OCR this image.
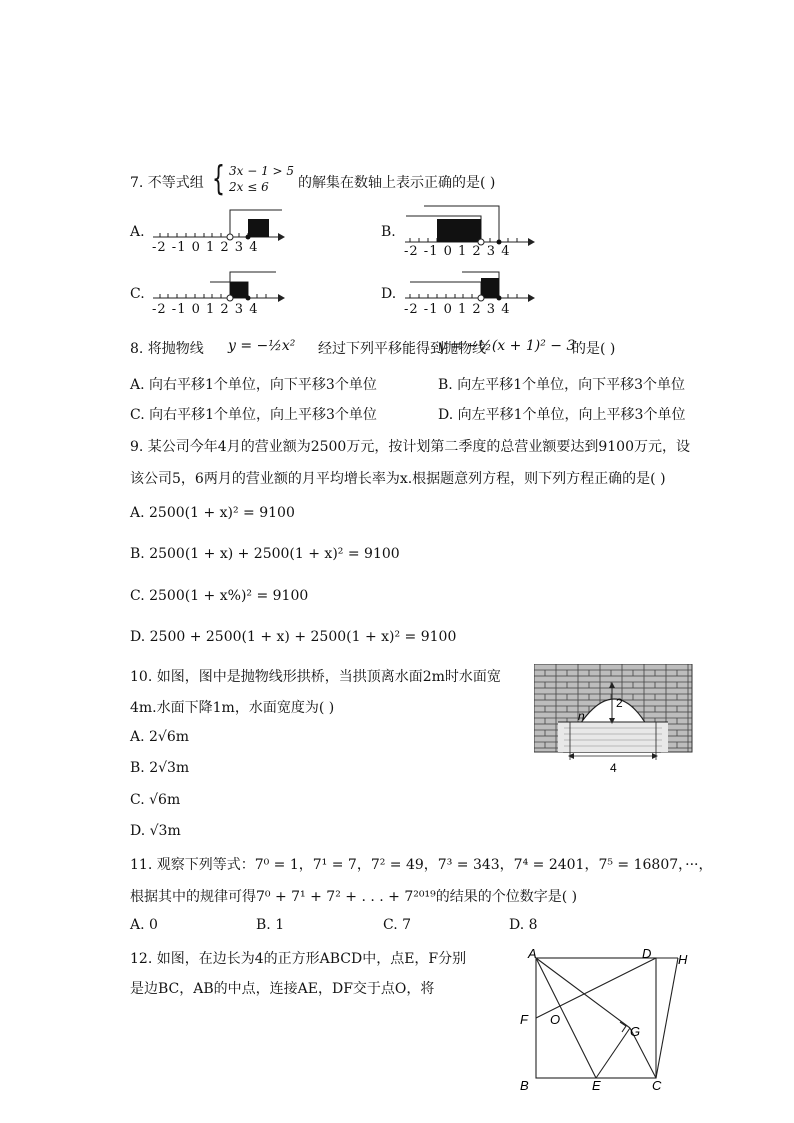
7. 不等式组 { 3x − 1 > 5
2x ≤ 6 的解集在数轴上表示正确的是( )
A.
-2 -1 0 1 2 3 4
B.
-2 -1 0 1 2 3 4
C.
-2 -1 0 1 2 3 4
D.
-2 -1 0 1 2 3 4
8. 将抛物线 y = −½x² 经过下列平移能得到抛物线
y = −½(x + 1)² − 3
的是( )
A. 向右平移1个单位，向下平移3个单位	B. 向左平移1个单位，向下平移3个单位
C. 向右平移1个单位，向上平移3个单位	D. 向左平移1个单位，向上平移3个单位
9. 某公司今年4月的营业额为2500万元，按计划第二季度的总营业额要达到9100万元，设
该公司5，6两月的营业额的月平均增长率为x.根据题意列方程，则下列方程正确的是( )
A. 2500(1 + x)² = 9100
B. 2500(1 + x) + 2500(1 + x)² = 9100
C. 2500(1 + x%)² = 9100
D. 2500 + 2500(1 + x) + 2500(1 + x)² = 9100
10. 如图，图中是抛物线形拱桥，当拱顶离水面2m时水面宽
4m.水面下降1m，水面宽度为( )
A. 2√6m
B. 2√3m
C. √6m
D. √3m
2
n
4
11. 观察下列等式：7⁰ = 1，7¹ = 7，7² = 49，7³ = 343，7⁴ = 2401，7⁵ = 16807，···，
根据其中的规律可得7⁰ + 7¹ + 7² + . . . + 7²⁰¹⁹的结果的个位数字是( )
A. 0	B. 1	C. 7	D. 8
12. 如图，在边长为4的正方形ABCD中，点E，F分别
是边BC，AB的中点，连接AE，DF交于点O，将
A
B	C
D
E
F
G
H
O
